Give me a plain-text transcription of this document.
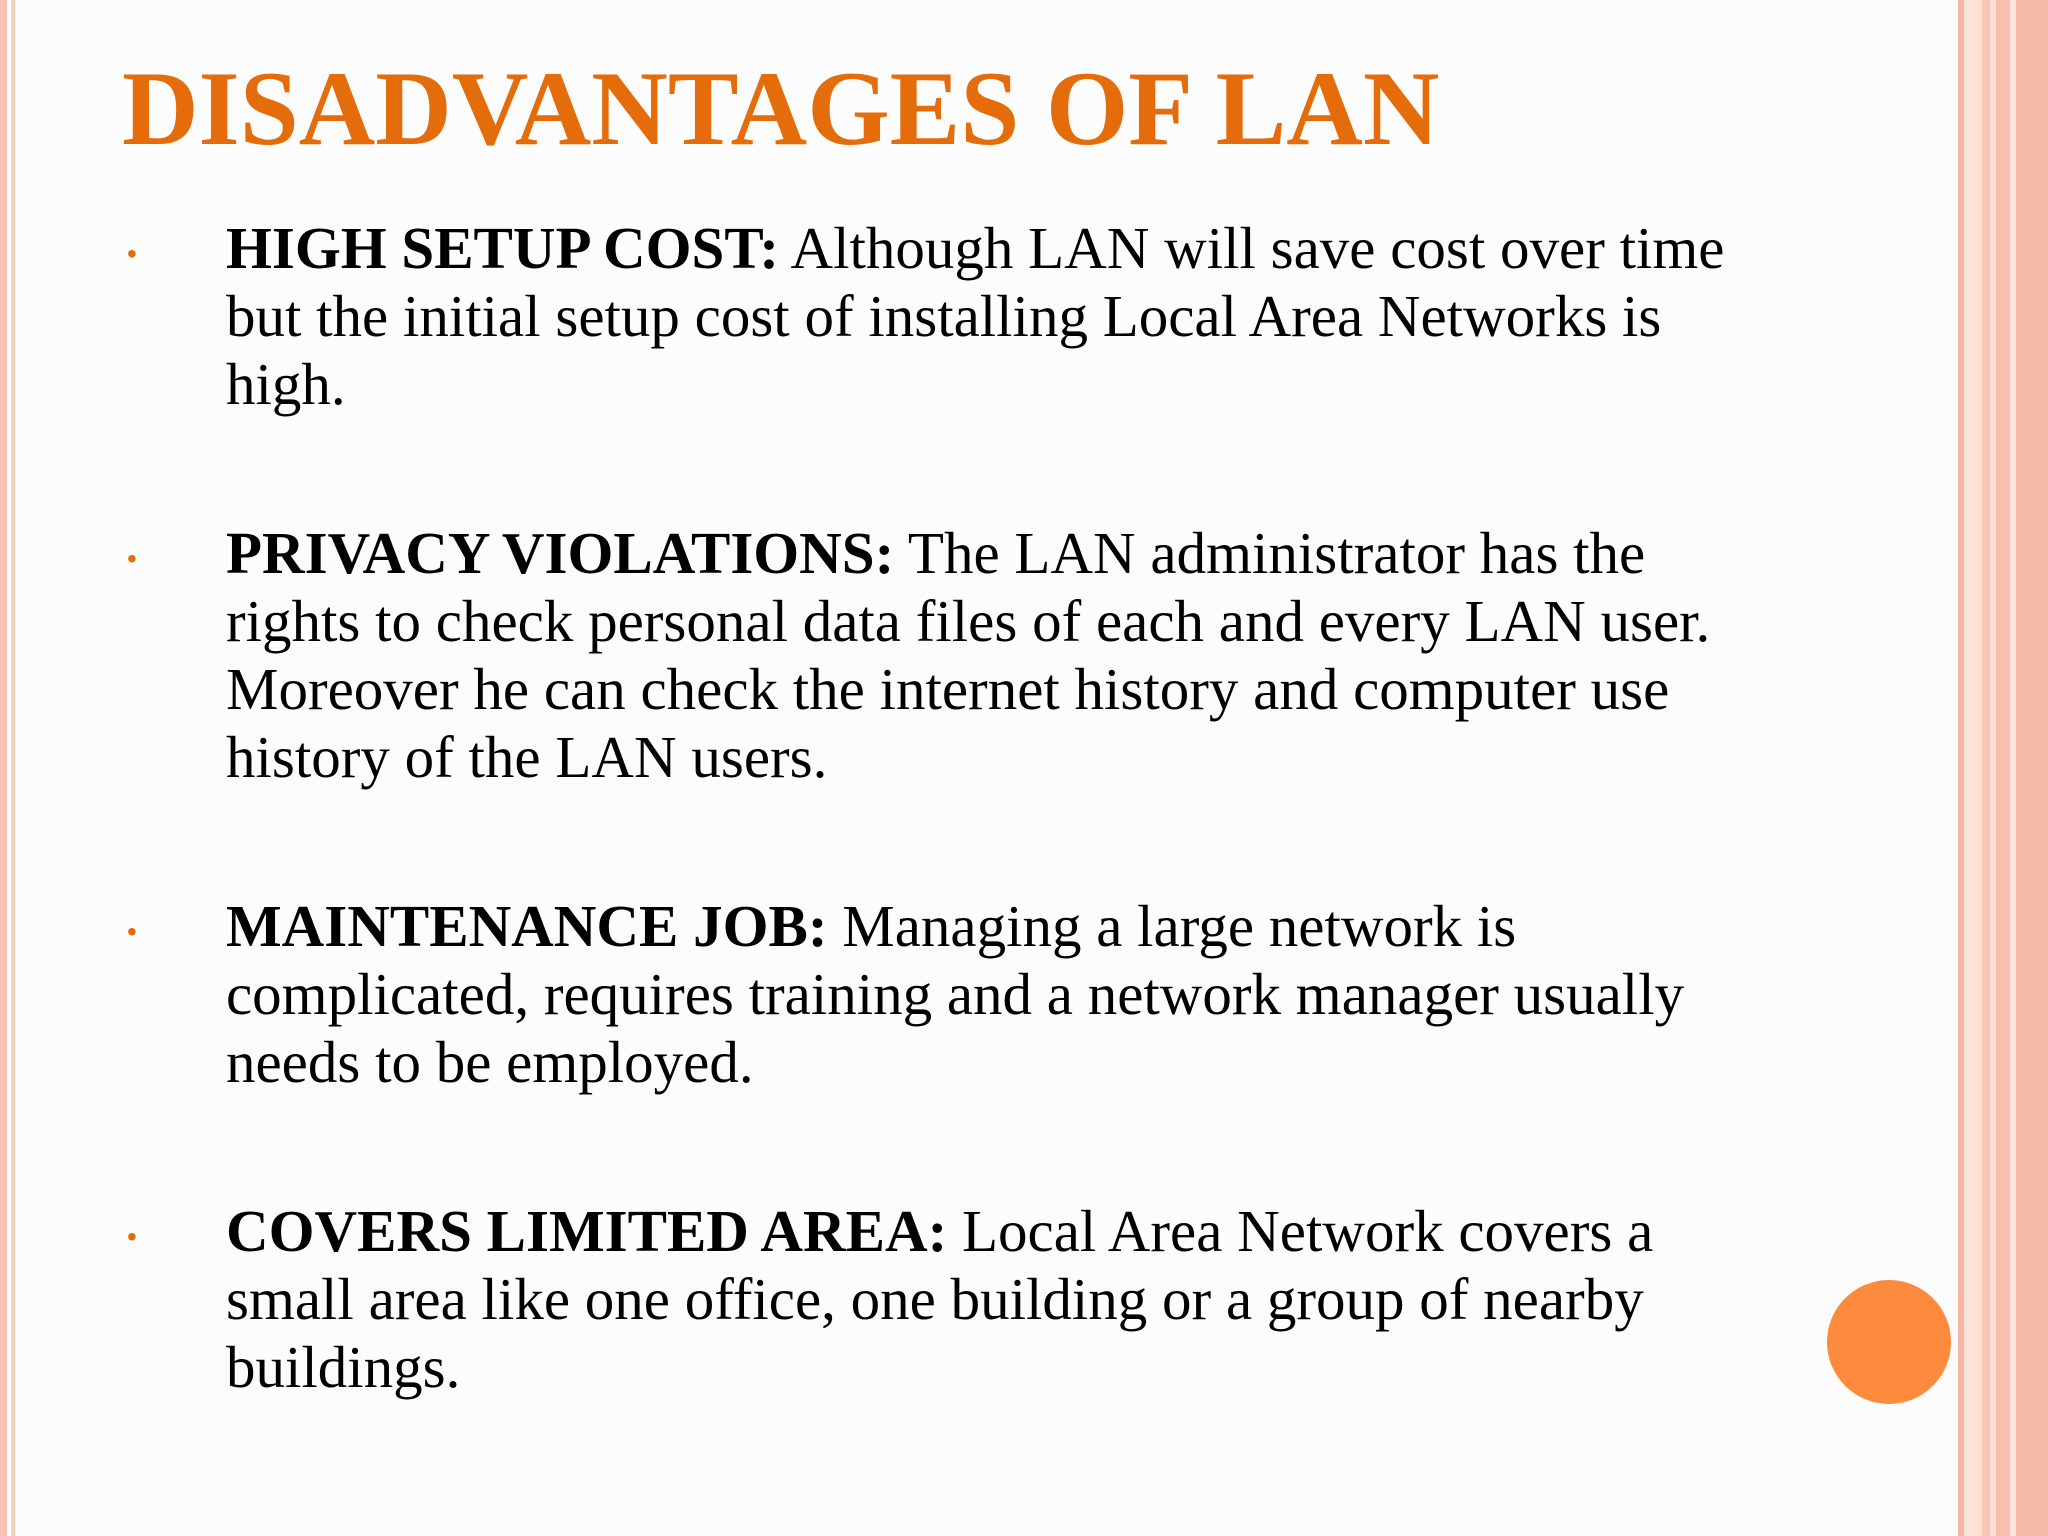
DISADVANTAGES OF LAN
• HIGH SETUP COST: Although LAN will save cost over time but the initial setup cost of installing Local Area Networks is high.

• PRIVACY VIOLATIONS: The LAN administrator has the rights to check personal data files of each and every LAN user. Moreover he can check the internet history and computer use history of the LAN users.

• MAINTENANCE JOB: Managing a large network is complicated, requires training and a network manager usually needs to be employed.

• COVERS LIMITED AREA: Local Area Network covers a small area like one office, one building or a group of nearby buildings.
